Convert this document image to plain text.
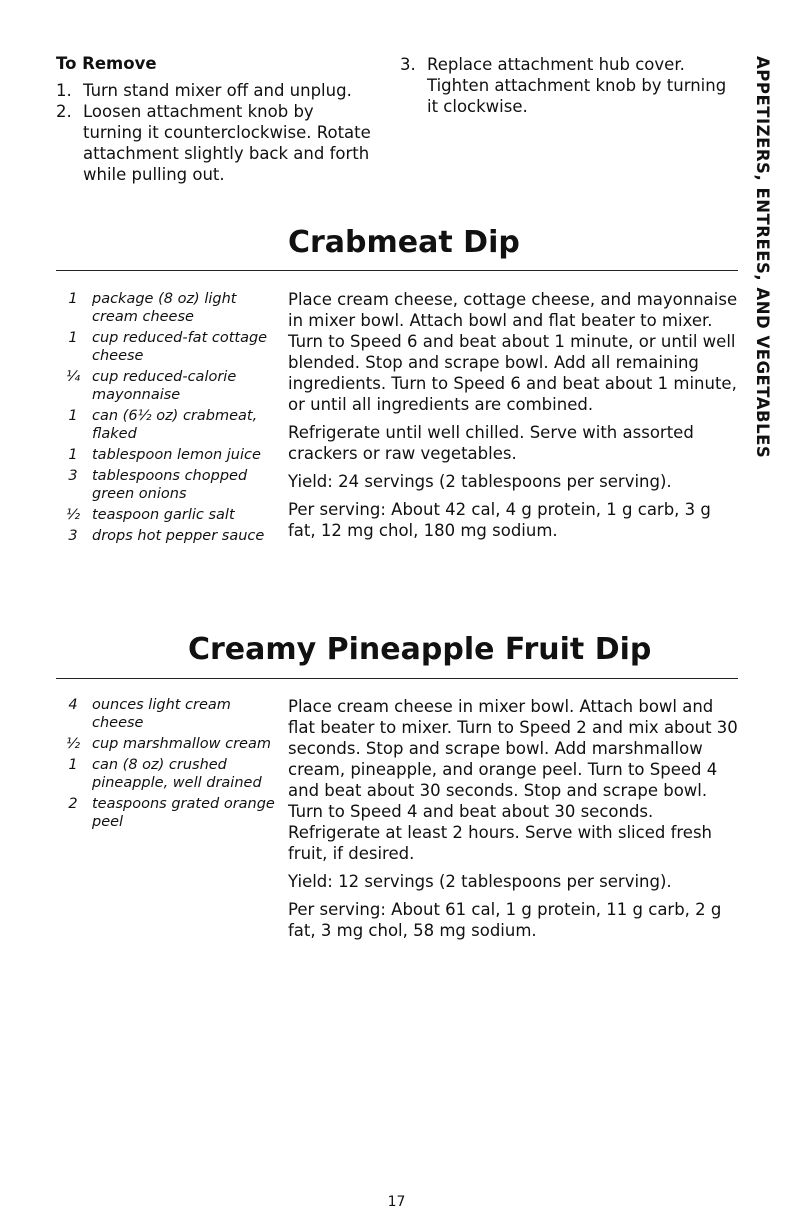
To Remove
1. Turn stand mixer off and unplug.
2. Loosen attachment knob by turning it counterclockwise. Rotate attachment slightly back and forth while pulling out.
3. Replace attachment hub cover. Tighten attachment knob by turning it clockwise.	APPETIZERS, ENTREES, AND VEGETABLES
Crabmeat Dip
1 package (8 oz) light cream cheese
1 cup reduced-fat cottage cheese
¼ cup reduced-calorie mayonnaise
1 can (6½ oz) crabmeat, flaked
1 tablespoon lemon juice
3 tablespoons chopped green onions
½ teaspoon garlic salt
3 drops hot pepper sauce

Place cream cheese, cottage cheese, and mayonnaise in mixer bowl. Attach bowl and flat beater to mixer. Turn to Speed 6 and beat about 1 minute, or until well blended. Stop and scrape bowl. Add all remaining ingredients. Turn to Speed 6 and beat about 1 minute, or until all ingredients are combined.

Refrigerate until well chilled. Serve with assorted crackers or raw vegetables.

Yield: 24 servings (2 tablespoons per serving).

Per serving: About 42 cal, 4 g protein, 1 g carb, 3 g fat, 12 mg chol, 180 mg sodium.

Creamy Pineapple Fruit Dip
4 ounces light cream cheese
½ cup marshmallow cream
1 can (8 oz) crushed pineapple, well drained
2 teaspoons grated orange peel

Place cream cheese in mixer bowl. Attach bowl and flat beater to mixer. Turn to Speed 2 and mix about 30 seconds. Stop and scrape bowl. Add marshmallow cream, pineapple, and orange peel. Turn to Speed 4 and beat about 30 seconds. Stop and scrape bowl. Turn to Speed 4 and beat about 30 seconds. Refrigerate at least 2 hours. Serve with sliced fresh fruit, if desired.

Yield: 12 servings (2 tablespoons per serving).

Per serving: About 61 cal, 1 g protein, 11 g carb, 2 g fat, 3 mg chol, 58 mg sodium.

17
